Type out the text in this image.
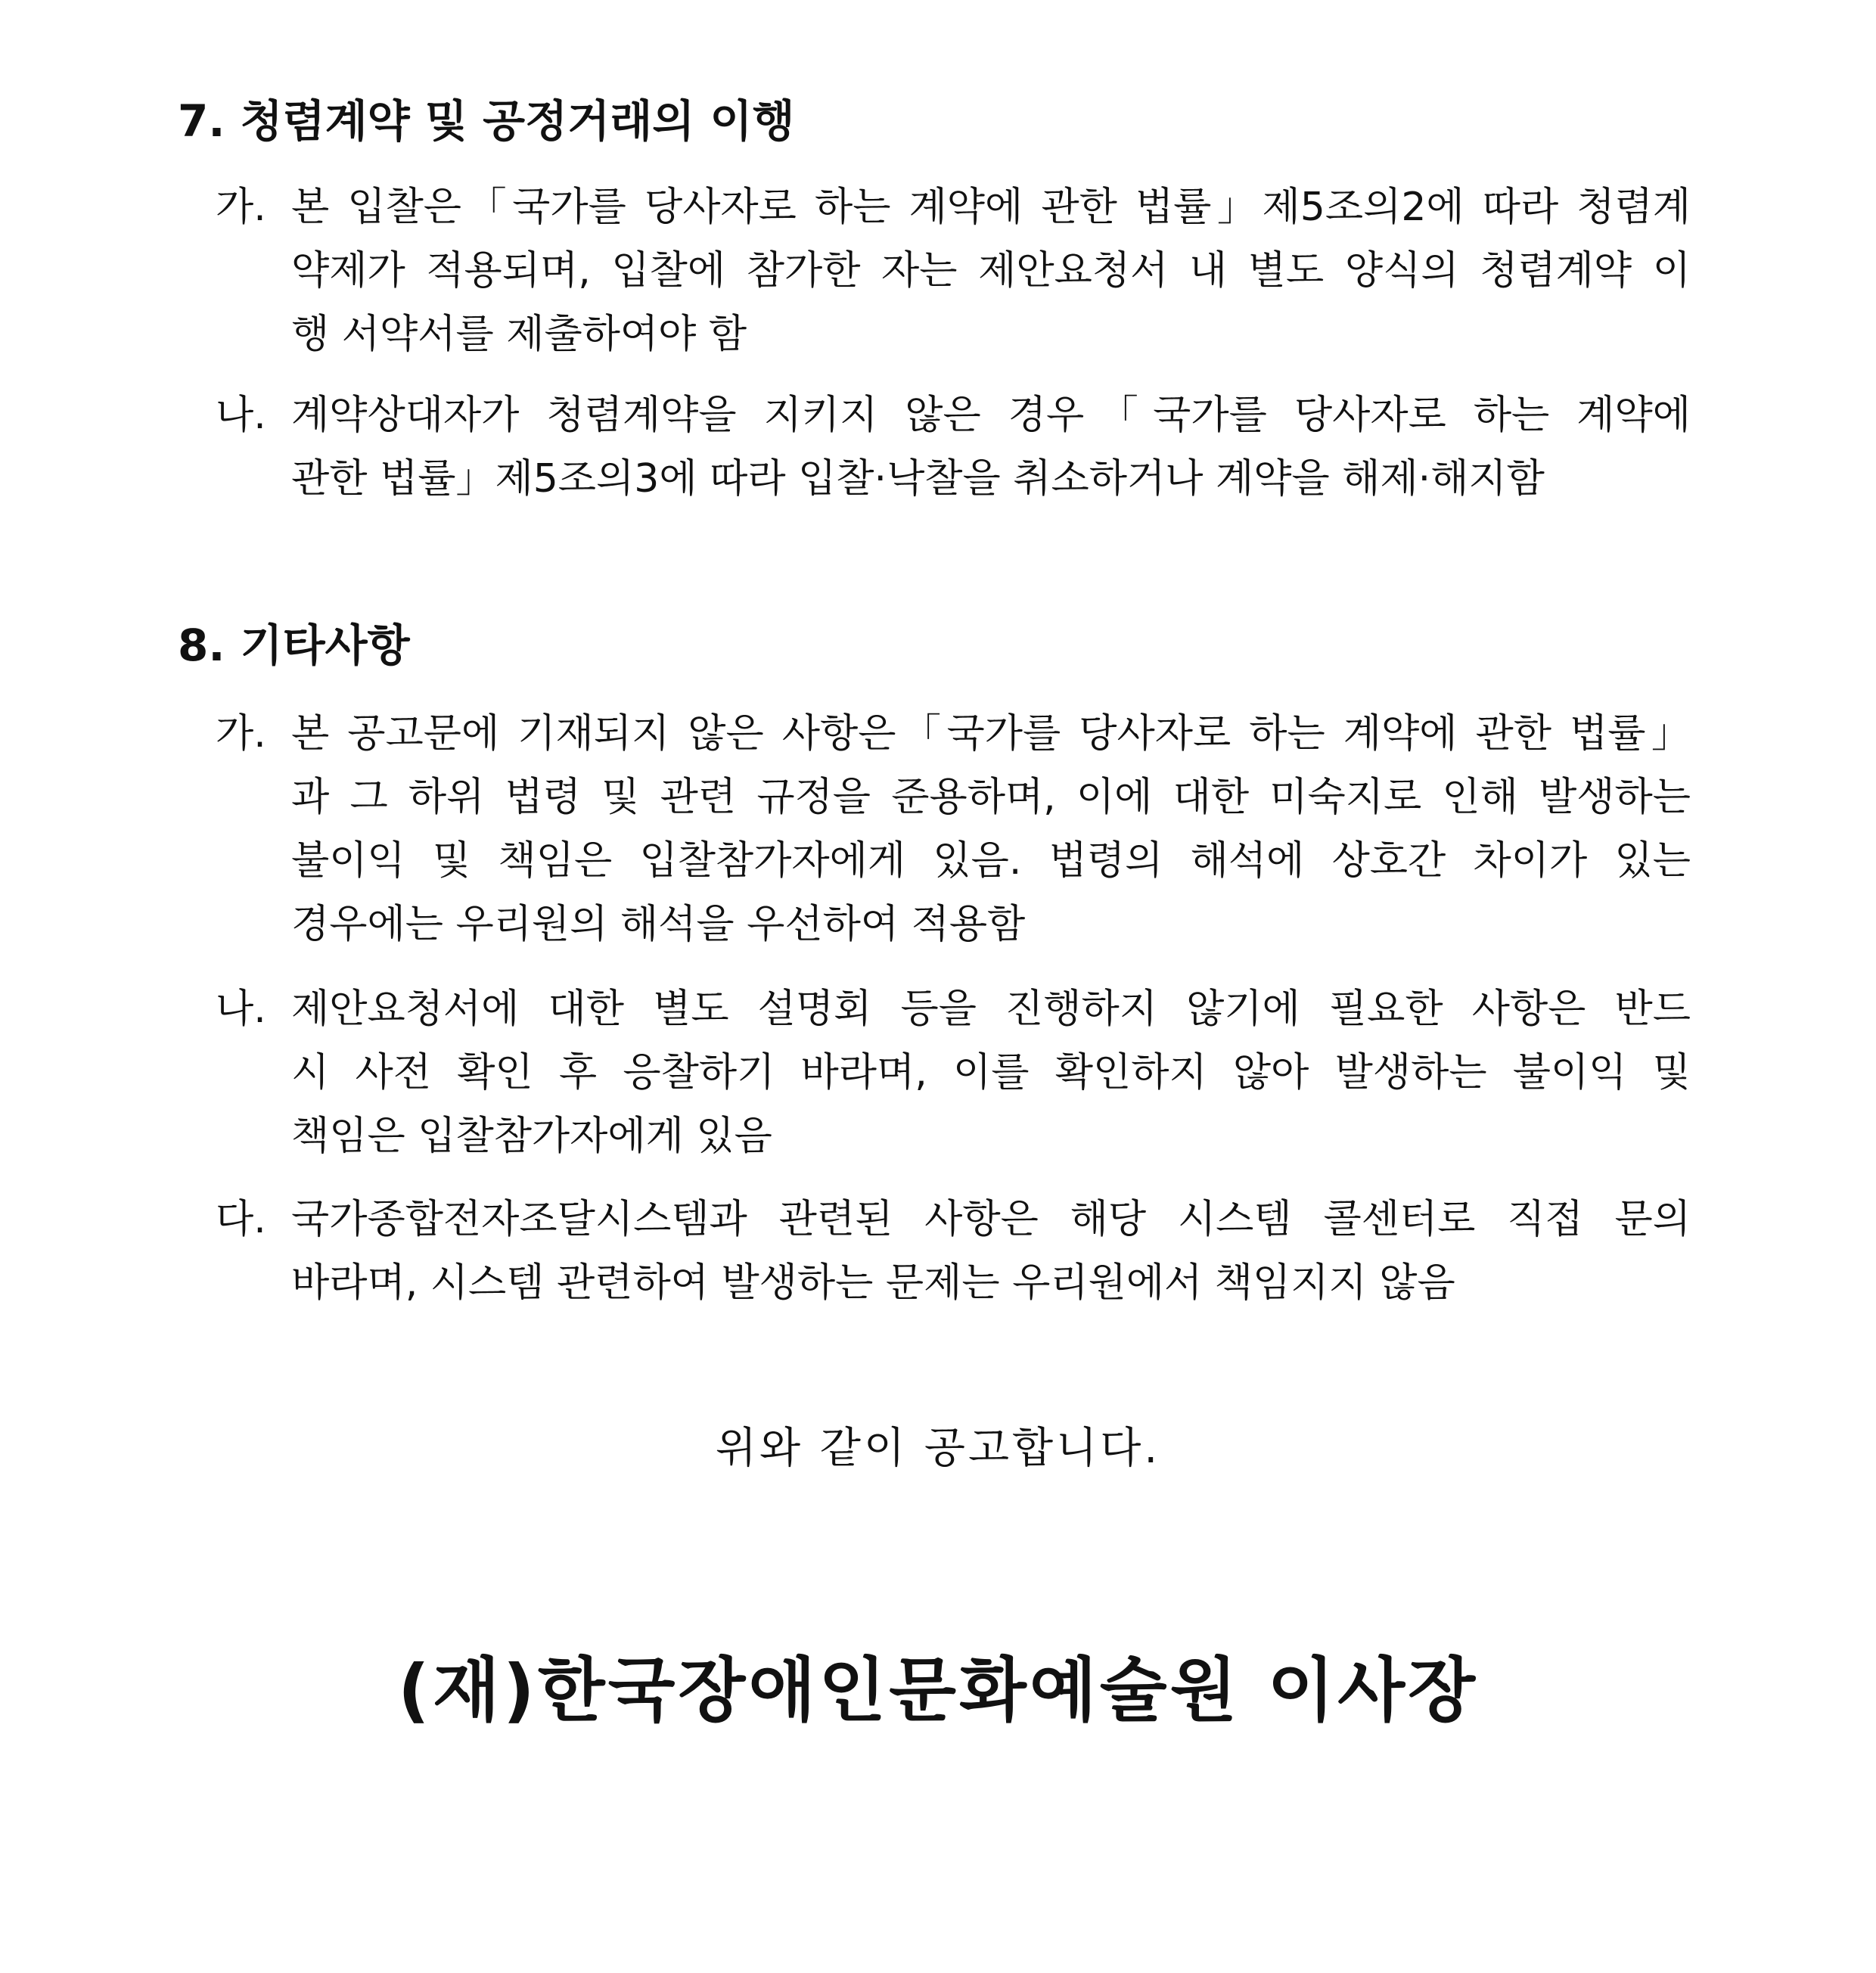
7. 청렴계약 및 공정거래의 이행
가. 본 입찰은「국가를 당사자로 하는 계약에 관한 법률」제5조의2에 따라 청렴계
약제가 적용되며, 입찰에 참가한 자는 제안요청서 내 별도 양식의 청렴계약 이
행 서약서를 제출하여야 함
나. 계약상대자가 청렴계약을 지키지 않은 경우「국가를 당사자로 하는 계약에
관한 법률」제5조의3에 따라 입찰·낙찰을 취소하거나 계약을 해제·해지함
8. 기타사항
가. 본 공고문에 기재되지 않은 사항은「국가를 당사자로 하는 계약에 관한 법률」
과 그 하위 법령 및 관련 규정을 준용하며, 이에 대한 미숙지로 인해 발생하는
불이익 및 책임은 입찰참가자에게 있음. 법령의 해석에 상호간 차이가 있는
경우에는 우리원의 해석을 우선하여 적용함
나. 제안요청서에 대한 별도 설명회 등을 진행하지 않기에 필요한 사항은 반드
시 사전 확인 후 응찰하기 바라며, 이를 확인하지 않아 발생하는 불이익 및
책임은 입찰참가자에게 있음
다. 국가종합전자조달시스템과 관련된 사항은 해당 시스템 콜센터로 직접 문의
바라며, 시스템 관련하여 발생하는 문제는 우리원에서 책임지지 않음
위와 같이 공고합니다.
(재)한국장애인문화예술원 이사장
